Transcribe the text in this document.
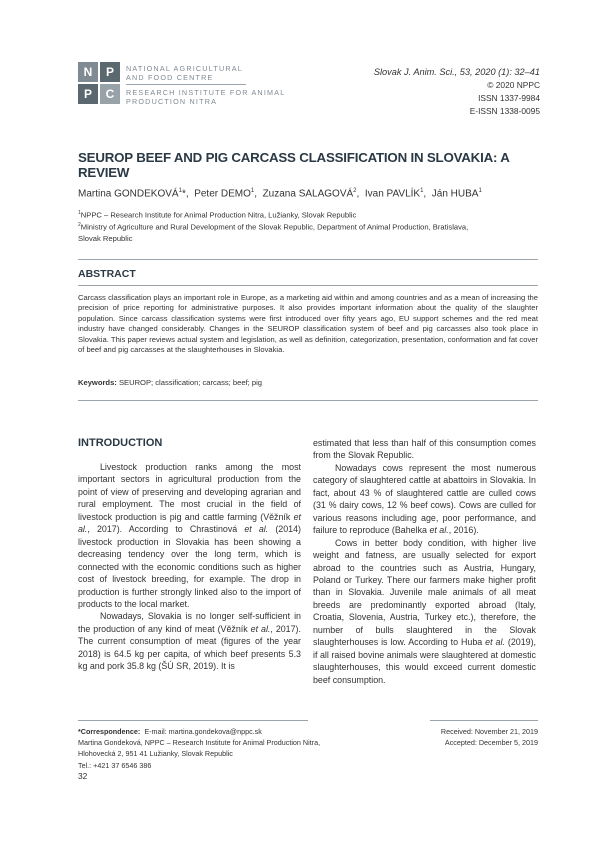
N	P
P	C
NATIONAL AGRICULTURAL
AND FOOD CENTRE
RESEARCH INSTITUTE FOR ANIMAL
PRODUCTION NITRA
Slovak J. Anim. Sci., 53, 2020 (1): 32–41
© 2020 NPPC
ISSN 1337-9984
E-ISSN 1338-0095
SEUROP BEEF AND PIG CARCASS CLASSIFICATION IN SLOVAKIA: A REVIEW
Martina GONDEKOVÁ$^1$*,  Peter DEMO$^1$,  Zuzana SALAGOVÁ$^2$,  Ivan PAVLÍK$^1$,  Ján HUBA$^1$
$^1$NPPC – Research Institute for Animal Production Nitra, Lužianky, Slovak Republic
$^2$Ministry of Agriculture and Rural Development of the Slovak Republic, Department of Animal Production, Bratislava,
Slovak Republic
ABSTRACT
Carcass classification plays an important role in Europe, as a marketing aid within and among countries and as a mean of increasing the precision of price reporting for administrative purposes. It also provides important information about the quality of the slaughter population. Since carcass classification systems were first introduced over fifty years ago, EU support schemes and the red meat industry have changed considerably. Changes in the SEUROP classification system of beef and pig carcasses also took place in Slovakia. This paper reviews actual system and legislation, as well as definition, categorization, presentation, conformation and fat cover of beef and pig carcasses at the slaughterhouses in Slovakia.
Keywords: SEUROP; classification; carcass; beef; pig
INTRODUCTION

Livestock production ranks among the most important sectors in agricultural production from the point of view of preserving and developing agrarian and rural employment. The most crucial in the field of livestock production is pig and cattle farming (Věžník et al., 2017). According to Chrastinová et al. (2014) livestock production in Slovakia has been showing a decreasing tendency over the long term, which is connected with the economic conditions such as higher cost of livestock breeding, for example. The drop in production is further strongly linked also to the import of products to the local market.

Nowadays, Slovakia is no longer self-sufficient in the production of any kind of meat (Věžník et al., 2017). The current consumption of meat (figures of the year 2018) is 64.5 kg per capita, of which beef presents 5.3 kg and pork 35.8 kg (ŠÚ SR, 2019). It is

estimated that less than half of this consumption comes from the Slovak Republic.

Nowadays cows represent the most numerous category of slaughtered cattle at abattoirs in Slovakia. In fact, about 43 % of slaughtered cattle are culled cows (31 % dairy cows, 12 % beef cows). Cows are culled for various reasons including age, poor performance, and failure to reproduce (Bahelka et al., 2016).

Cows in better body condition, with higher live weight and fatness, are usually selected for export abroad to the countries such as Austria, Hungary, Poland or Turkey. There our farmers make higher profit than in Slovakia. Juvenile male animals of all meat breeds are predominantly exported abroad (Italy, Croatia, Slovenia, Austria, Turkey etc.), therefore, the number of bulls slaughtered in the Slovak slaughterhouses is low. According to Huba et al. (2019), if all raised bovine animals were slaughtered at domestic slaughterhouses, this would exceed current domestic beef consumption.

*Correspondence: E-mail: martina.gondekova@nppc.sk
Martina Gondeková, NPPC – Research Institute for Animal Production Nitra,
Hlohovecká 2, 951 41 Lužianky, Slovak Republic
Tel.: +421 37 6546 386
Received: November 21, 2019
Accepted: December 5, 2019
32
